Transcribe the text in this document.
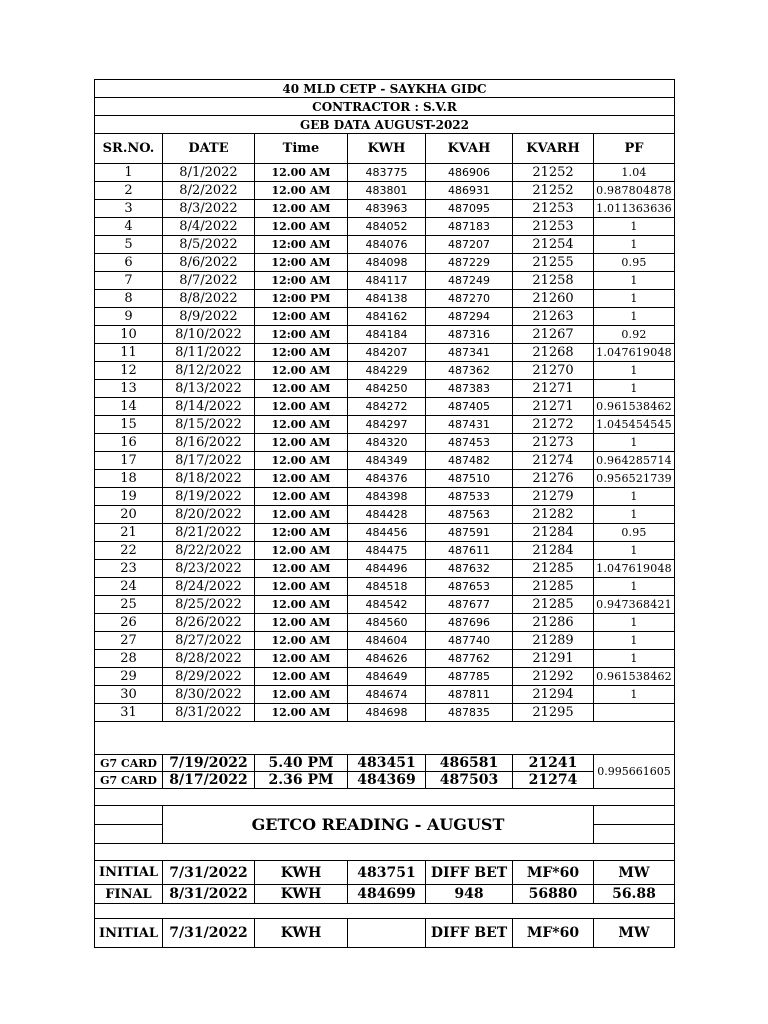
40 MLD CETP - SAYKHA GIDC						
CONTRACTOR : S.V.R						
GEB DATA AUGUST-2022						
SR.NO.	DATE	Time	KWH	KVAH	KVARH	PF
1	8/1/2022	12.00 AM	483775	486906	21252	1.04
2	8/2/2022	12.00 AM	483801	486931	21252	0.987804878
3	8/3/2022	12.00 AM	483963	487095	21253	1.011363636
4	8/4/2022	12.00 AM	484052	487183	21253	1
5	8/5/2022	12:00 AM	484076	487207	21254	1
6	8/6/2022	12:00 AM	484098	487229	21255	0.95
7	8/7/2022	12:00 AM	484117	487249	21258	1
8	8/8/2022	12:00 PM	484138	487270	21260	1
9	8/9/2022	12:00 AM	484162	487294	21263	1
10	8/10/2022	12:00 AM	484184	487316	21267	0.92
11	8/11/2022	12:00 AM	484207	487341	21268	1.047619048
12	8/12/2022	12.00 AM	484229	487362	21270	1
13	8/13/2022	12.00 AM	484250	487383	21271	1
14	8/14/2022	12.00 AM	484272	487405	21271	0.961538462
15	8/15/2022	12.00 AM	484297	487431	21272	1.045454545
16	8/16/2022	12.00 AM	484320	487453	21273	1
17	8/17/2022	12.00 AM	484349	487482	21274	0.964285714
18	8/18/2022	12.00 AM	484376	487510	21276	0.956521739
19	8/19/2022	12.00 AM	484398	487533	21279	1
20	8/20/2022	12.00 AM	484428	487563	21282	1
21	8/21/2022	12:00 AM	484456	487591	21284	0.95
22	8/22/2022	12.00 AM	484475	487611	21284	1
23	8/23/2022	12.00 AM	484496	487632	21285	1.047619048
24	8/24/2022	12.00 AM	484518	487653	21285	1
25	8/25/2022	12.00 AM	484542	487677	21285	0.947368421
26	8/26/2022	12.00 AM	484560	487696	21286	1
27	8/27/2022	12.00 AM	484604	487740	21289	1
28	8/28/2022	12.00 AM	484626	487762	21291	1
29	8/29/2022	12.00 AM	484649	487785	21292	0.961538462
30	8/30/2022	12.00 AM	484674	487811	21294	1
31	8/31/2022	12.00 AM	484698	487835	21295	

G7 CARD	7/19/2022	5.40 PM	483451	486581	21241	0.995661605
G7 CARD	8/17/2022	2.36 PM	484369	487503	21274	

	GETCO READING - AUGUST					

INITIAL	7/31/2022	KWH	483751	DIFF BET	MF*60	MW
FINAL	8/31/2022	KWH	484699	948	56880	56.88

INITIAL	7/31/2022	KWH		DIFF BET	MF*60	MW
